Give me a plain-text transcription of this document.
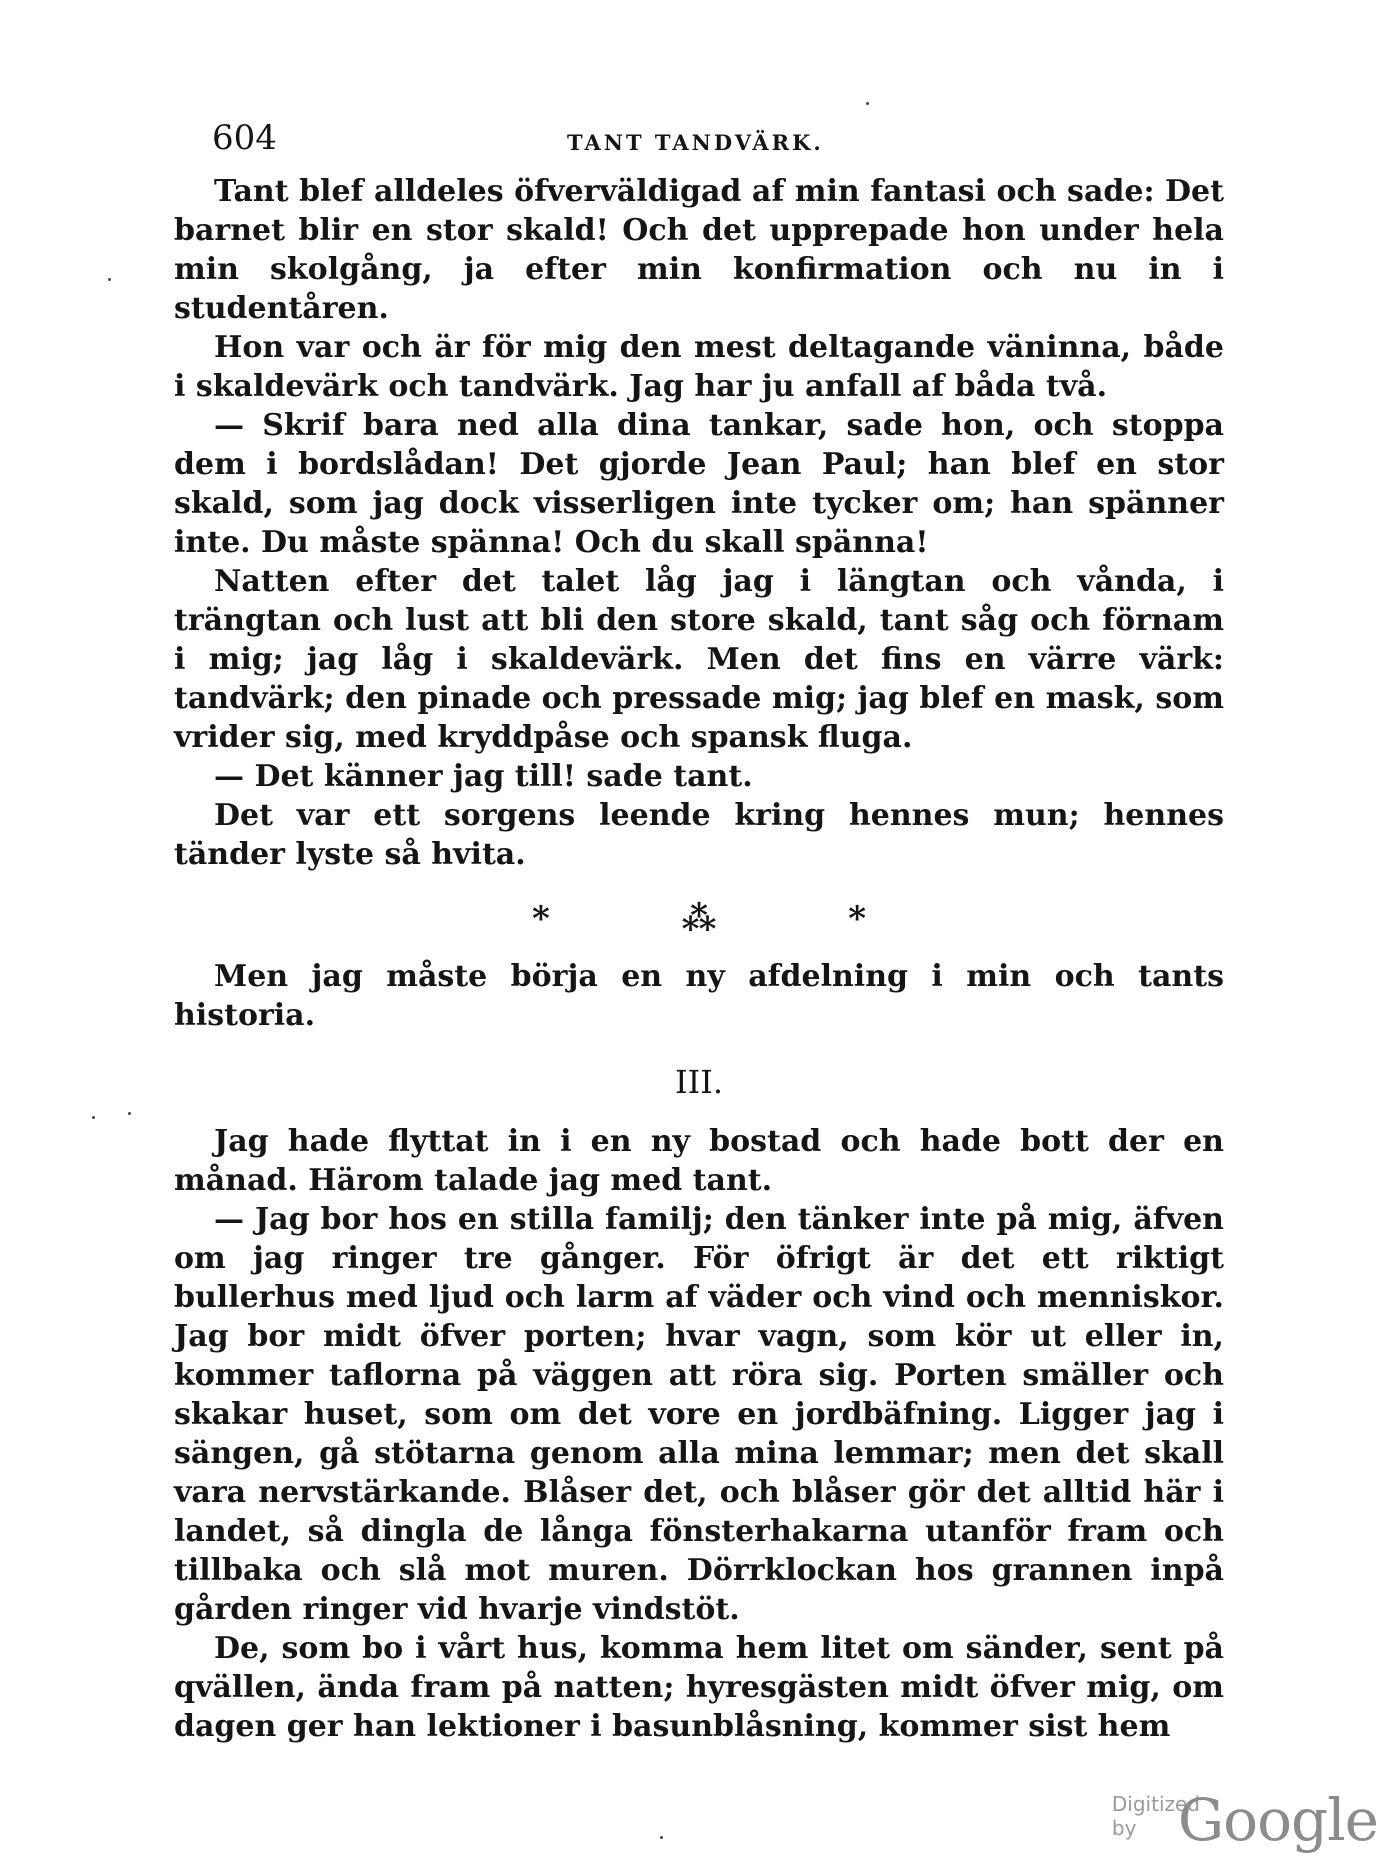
604	TANT TANDVÄRK.

Tant blef alldeles öfverväldigad af min fantasi och sade: Det barnet blir en stor skald! Och det upprepade hon under hela min skolgång, ja efter min konfirmation och nu in i studentåren.

Hon var och är för mig den mest deltagande väninna, både i skaldevärk och tandvärk. Jag har ju anfall af båda två.

— Skrif bara ned alla dina tankar, sade hon, och stoppa dem i bordslådan! Det gjorde Jean Paul; han blef en stor skald, som jag dock visserligen inte tycker om; han spänner inte. Du måste spänna! Och du skall spänna!

Natten efter det talet låg jag i längtan och vånda, i trängtan och lust att bli den store skald, tant såg och förnam i mig; jag låg i skaldevärk. Men det fins en värre värk: tandvärk; den pinade och pressade mig; jag blef en mask, som vrider sig, med kryddpåse och spansk fluga.

— Det känner jag till! sade tant.

Det var ett sorgens leende kring hennes mun; hennes tänder lyste så hvita.

* ⁂ *

Men jag måste börja en ny afdelning i min och tants historia.

III.

Jag hade flyttat in i en ny bostad och hade bott der en månad. Härom talade jag med tant.

— Jag bor hos en stilla familj; den tänker inte på mig, äfven om jag ringer tre gånger. För öfrigt är det ett riktigt bullerhus med ljud och larm af väder och vind och menniskor. Jag bor midt öfver porten; hvar vagn, som kör ut eller in, kommer taflorna på väggen att röra sig. Porten smäller och skakar huset, som om det vore en jordbäfning. Ligger jag i sängen, gå stötarna genom alla mina lemmar; men det skall vara nervstärkande. Blåser det, och blåser gör det alltid här i landet, så dingla de långa fönsterhakarna utanför fram och tillbaka och slå mot muren. Dörrklockan hos grannen inpå gården ringer vid hvarje vindstöt.

De, som bo i vårt hus, komma hem litet om sänder, sent på qvällen, ända fram på natten; hyresgästen midt öfver mig, om dagen ger han lektioner i basunblåsning, kommer sist hem

Digitized by Google
